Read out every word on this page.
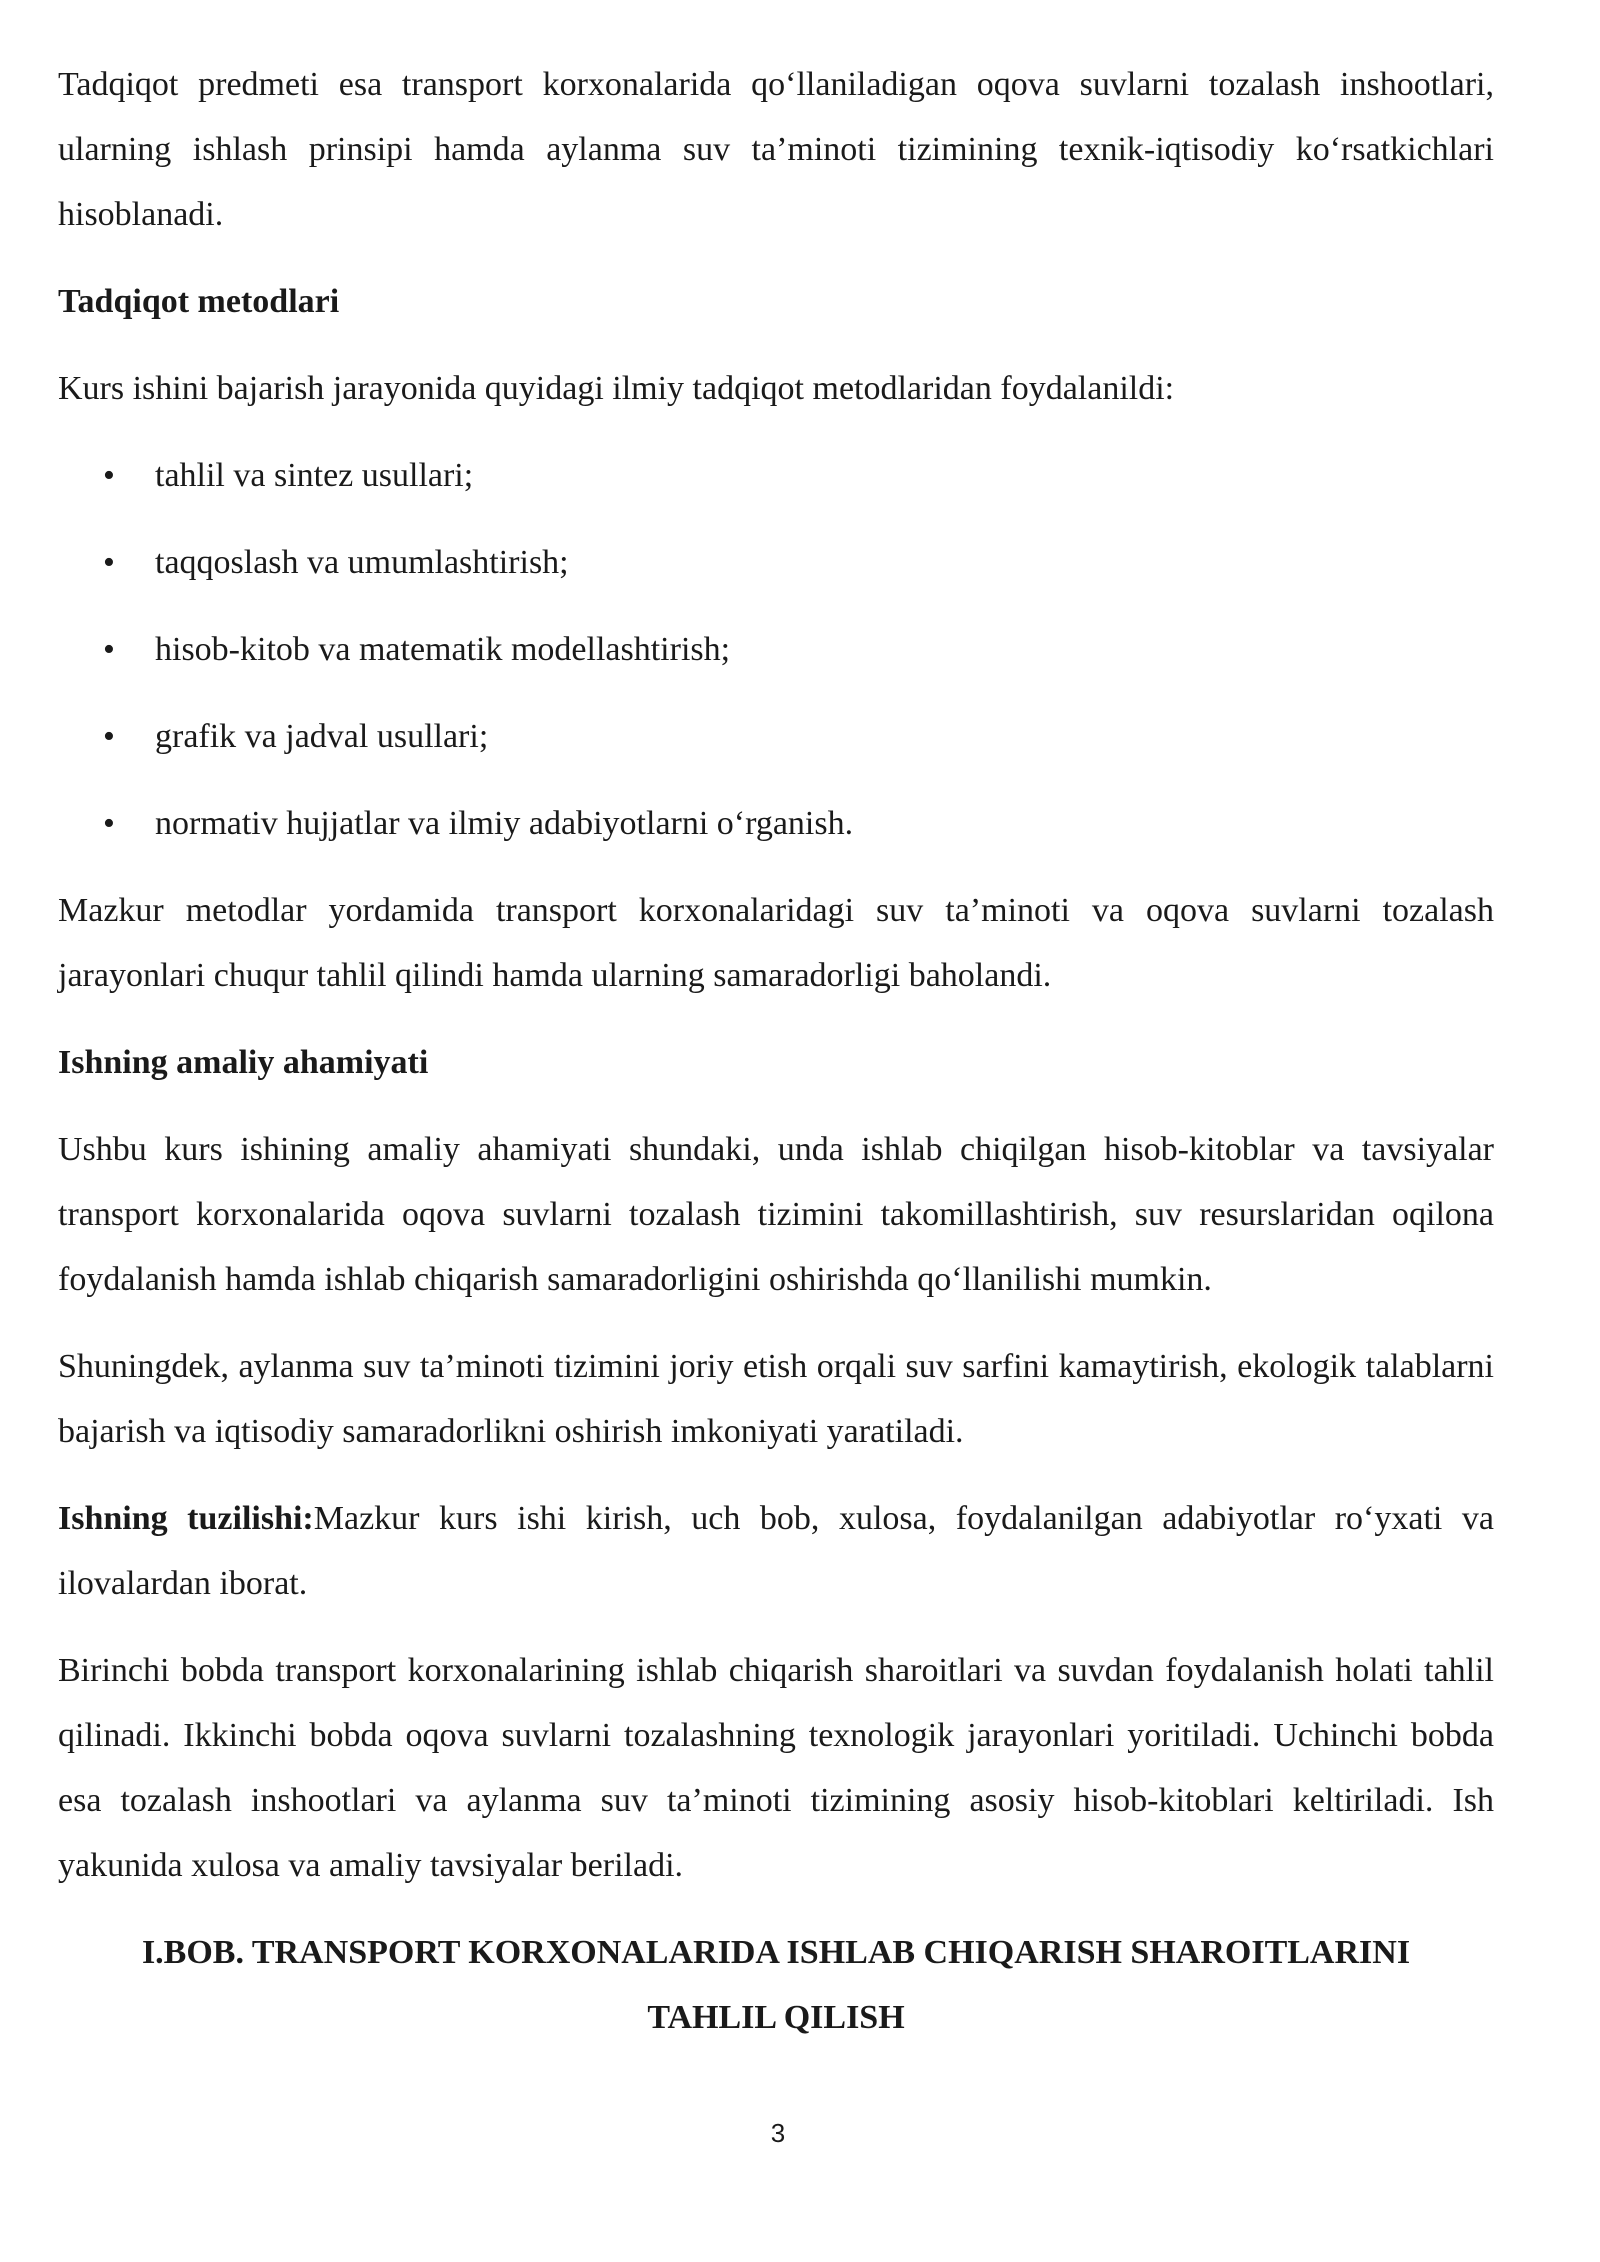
Tadqiqot predmeti esa transport korxonalarida qo‘llaniladigan oqova suvlarni tozalash inshootlari, ularning ishlash prinsipi hamda aylanma suv ta’minoti tizimining texnik-iqtisodiy ko‘rsatkichlari hisoblanadi.

Tadqiqot metodlari

Kurs ishini bajarish jarayonida quyidagi ilmiy tadqiqot metodlaridan foydalanildi:

• tahlil va sintez usullari;
• taqqoslash va umumlashtirish;
• hisob-kitob va matematik modellashtirish;
• grafik va jadval usullari;
• normativ hujjatlar va ilmiy adabiyotlarni o‘rganish.

Mazkur metodlar yordamida transport korxonalaridagi suv ta’minoti va oqova suvlarni tozalash jarayonlari chuqur tahlil qilindi hamda ularning samaradorligi baholandi.

Ishning amaliy ahamiyati

Ushbu kurs ishining amaliy ahamiyati shundaki, unda ishlab chiqilgan hisob-kitoblar va tavsiyalar transport korxonalarida oqova suvlarni tozalash tizimini takomillashtirish, suv resurslaridan oqilona foydalanish hamda ishlab chiqarish samaradorligini oshirishda qo‘llanilishi mumkin.

Shuningdek, aylanma suv ta’minoti tizimini joriy etish orqali suv sarfini kamaytirish, ekologik talablarni bajarish va iqtisodiy samaradorlikni oshirish imkoniyati yaratiladi.

Ishning tuzilishi:Mazkur kurs ishi kirish, uch bob, xulosa, foydalanilgan adabiyotlar ro‘yxati va ilovalardan iborat.

Birinchi bobda transport korxonalarining ishlab chiqarish sharoitlari va suvdan foydalanish holati tahlil qilinadi. Ikkinchi bobda oqova suvlarni tozalashning texnologik jarayonlari yoritiladi. Uchinchi bobda esa tozalash inshootlari va aylanma suv ta’minoti tizimining asosiy hisob-kitoblari keltiriladi. Ish yakunida xulosa va amaliy tavsiyalar beriladi.

I.BOB. TRANSPORT KORXONALARIDA ISHLAB CHIQARISH SHAROITLARINI
TAHLIL QILISH
3
